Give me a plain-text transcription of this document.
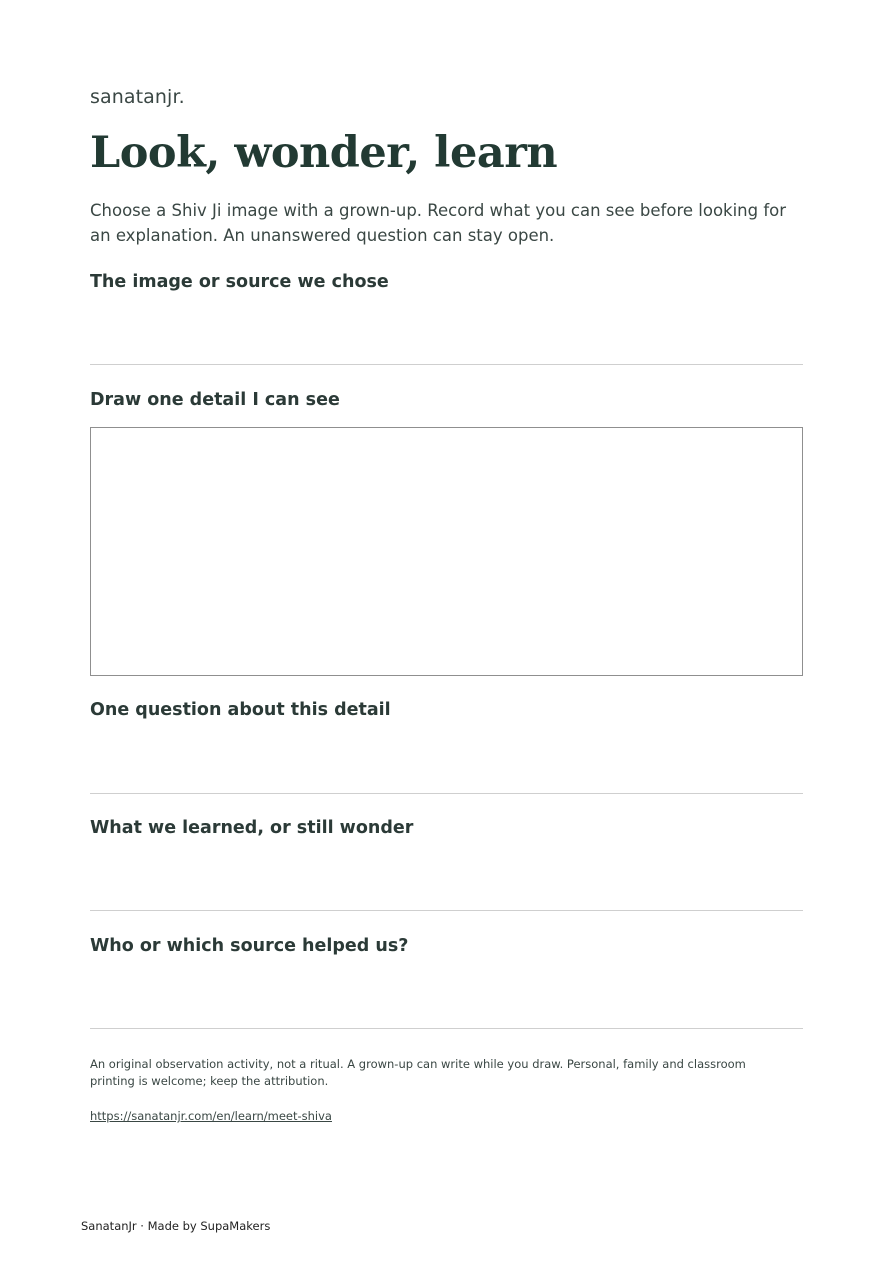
sanatanjr.
Look, wonder, learn

Choose a Shiv Ji image with a grown-up. Record what you can see before looking for an explanation. An unanswered question can stay open.

The image or source we chose
Draw one detail I can see
One question about this detail
What we learned, or still wonder
Who or which source helped us?

An original observation activity, not a ritual. A grown-up can write while you draw. Personal, family and classroom printing is welcome; keep the attribution.

https://sanatanjr.com/en/learn/meet-shiva
SanatanJr · Made by SupaMakers
